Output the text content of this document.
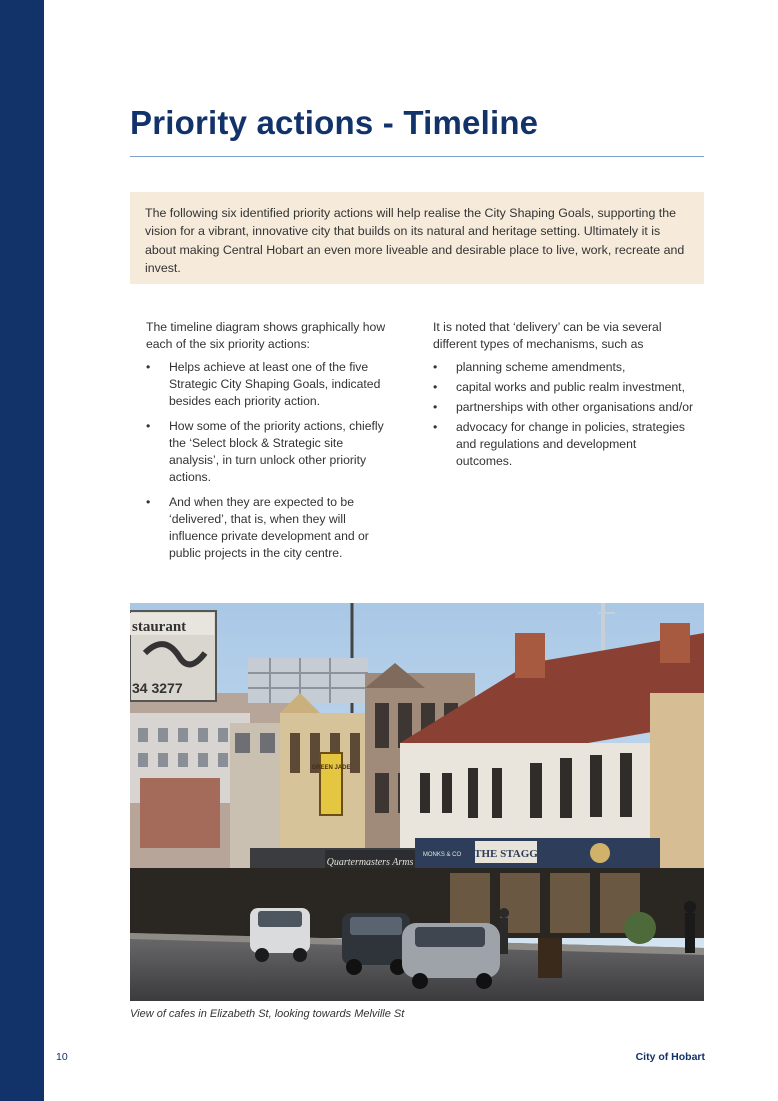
Priority actions - Timeline
The following six identified priority actions will help realise the City Shaping Goals, supporting the vision for a vibrant, innovative city that builds on its natural and heritage setting. Ultimately it is about making Central Hobart an even more liveable and desirable place to live, work, recreate and invest.

The timeline diagram shows graphically how each of the six priority actions:

• Helps achieve at least one of the five Strategic City Shaping Goals, indicated besides each priority action.
• How some of the priority actions, chiefly the ‘Select block & Strategic site analysis’, in turn unlock other priority actions.
• And when they are expected to be ‘delivered’, that is, when they will influence private development and or public projects in the city centre.

It is noted that ‘delivery’ can be via several different types of mechanisms, such as

• planning scheme amendments,
• capital works and public realm investment,
• partnerships with other organisations and/or
• advocacy for change in policies, strategies and regulations and development outcomes.
staurant
34 3277
GREEN JADE
Quartermasters Arms
THE STAGG
MONKS & CO
View of cafes in Elizabeth St, looking towards Melville St
10	City of Hobart
